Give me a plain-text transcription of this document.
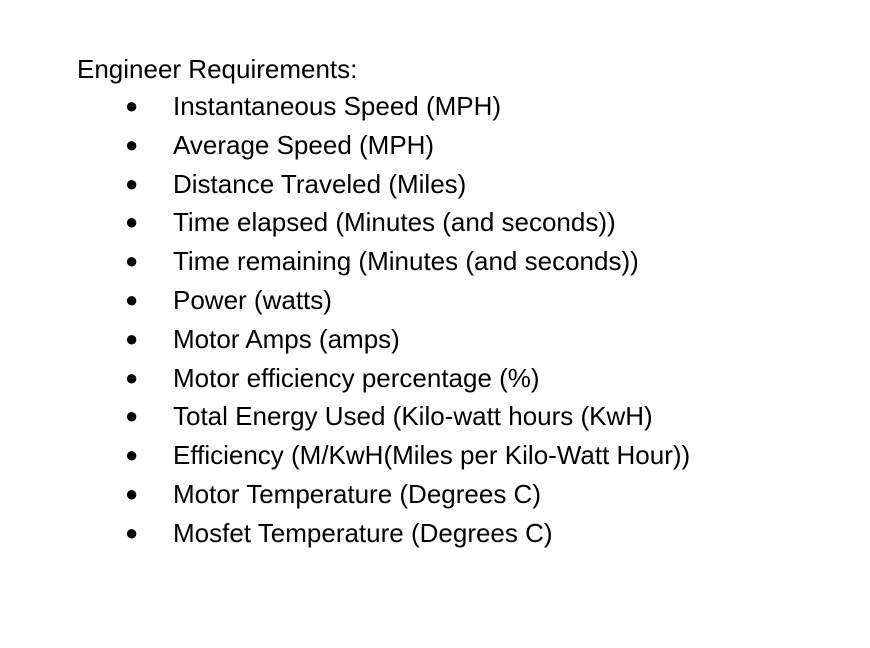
Engineer Requirements:
● Instantaneous Speed (MPH)
● Average Speed (MPH)
● Distance Traveled (Miles)
● Time elapsed (Minutes (and seconds))
● Time remaining (Minutes (and seconds))
● Power (watts)
● Motor Amps (amps)
● Motor efficiency percentage (%)
● Total Energy Used (Kilo-watt hours (KwH)
● Efficiency (M/KwH(Miles per Kilo-Watt Hour))
● Motor Temperature (Degrees C)
● Mosfet Temperature (Degrees C)
